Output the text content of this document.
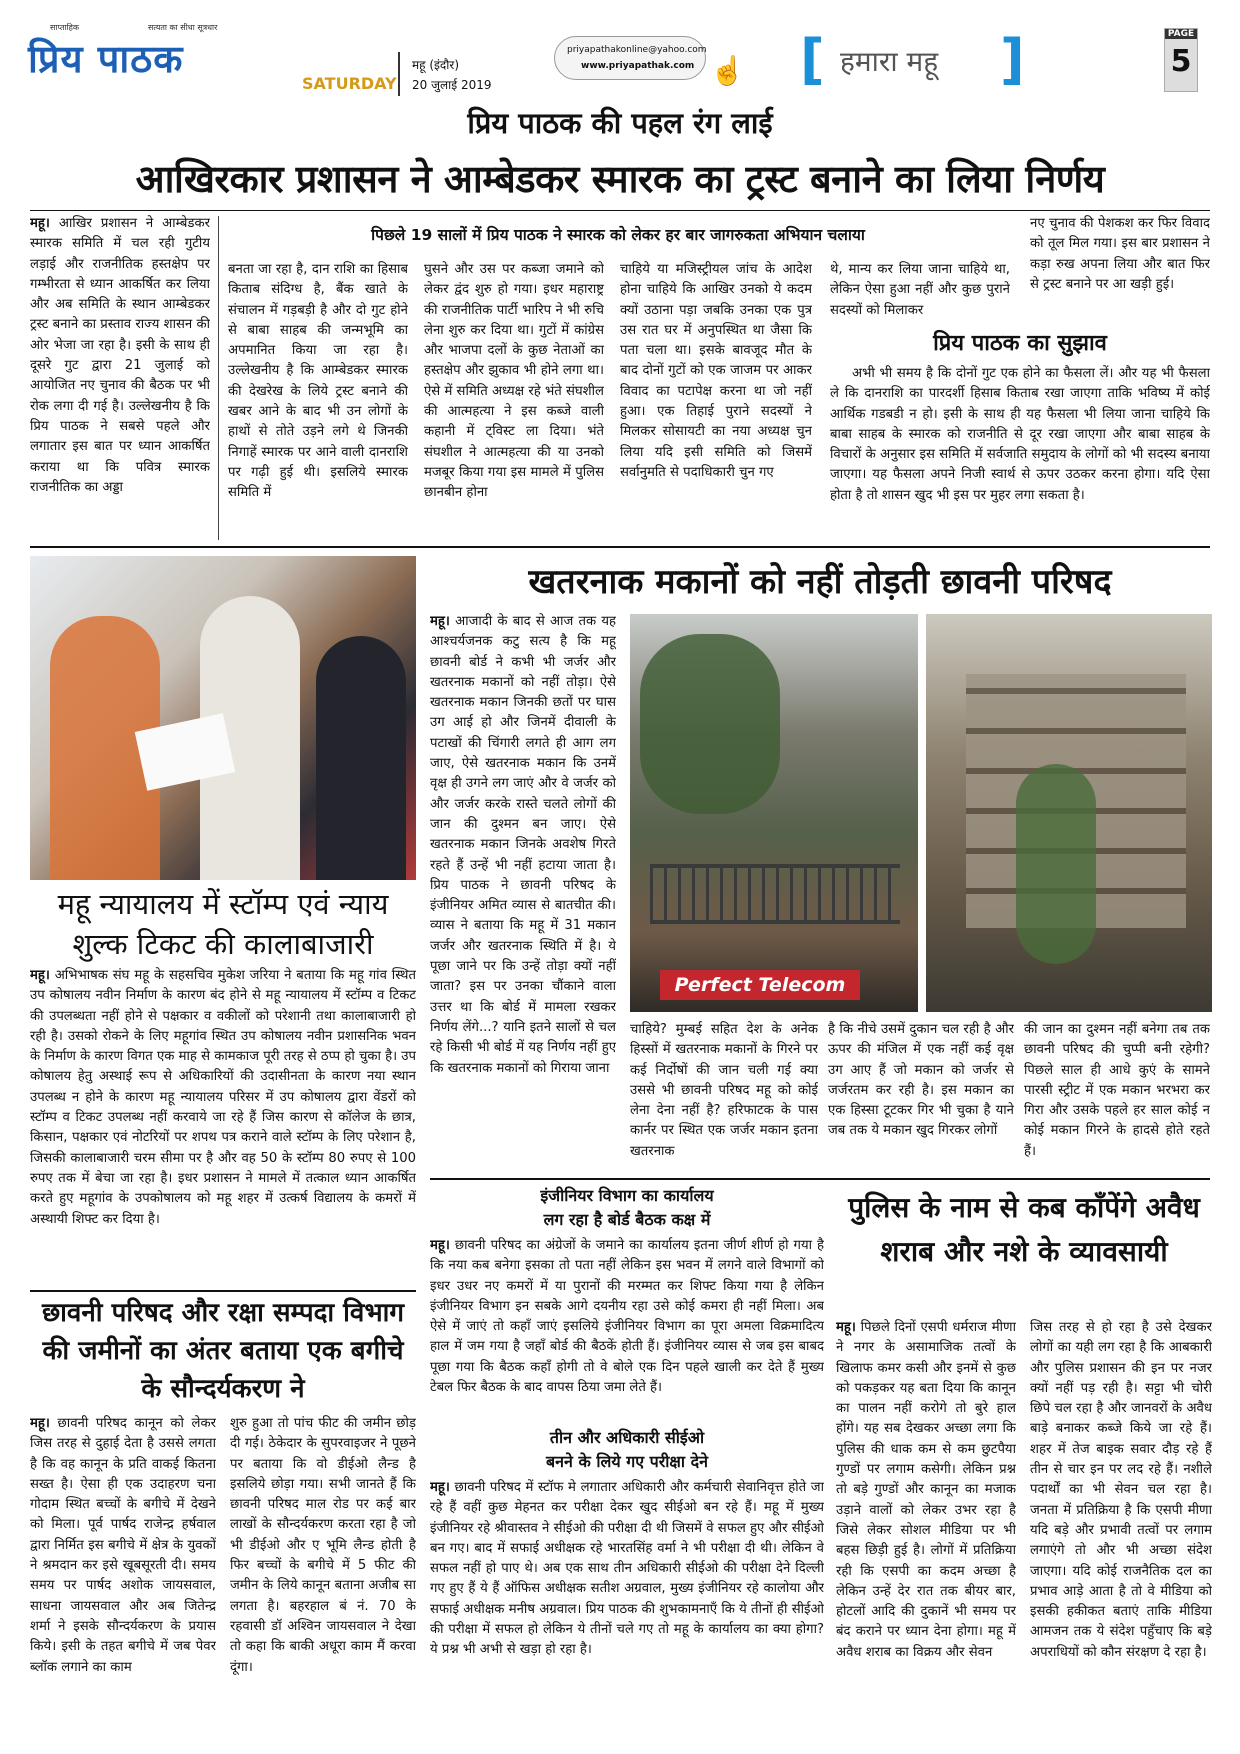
साप्ताहिक	सत्यता का सीधा सूत्रधार
प्रिय पाठक
SATURDAY
महू (इंदौर)
20 जुलाई 2019
priyapathakonline@yahoo.com
www.priyapathak.com ☝ [ हमारा महू ]	PAGE
5
प्रिय पाठक की पहल रंग लाई
आखिरकार प्रशासन ने आम्बेडकर स्मारक का ट्रस्ट बनाने का लिया निर्णय
महू। आखिर प्रशासन ने आम्बेडकर स्मारक समिति में चल रही गुटीय लड़ाई और राजनीतिक हस्तक्षेप पर गम्भीरता से ध्यान आकर्षित कर लिया और अब समिति के स्थान आम्बेडकर ट्रस्ट बनाने का प्रस्ताव राज्य शासन की ओर भेजा जा रहा है। इसी के साथ ही दूसरे गुट द्वारा 21 जुलाई को आयोजित नए चुनाव की बैठक पर भी रोक लगा दी गई है। उल्लेखनीय है कि प्रिय पाठक ने सबसे पहले और लगातार इस बात पर ध्यान आकर्षित कराया था कि पवित्र स्मारक राजनीतिक का अड्डा
पिछले 19 सालों में प्रिय पाठक ने स्मारक को लेकर हर बार जागरुकता अभियान चलाया
बनता जा रहा है, दान राशि का हिसाब किताब संदिग्ध है, बैंक खाते के संचालन में गड़बड़ी है और दो गुट होने से बाबा साहब की जन्मभूमि का अपमानित किया जा रहा है। उल्लेखनीय है कि आम्बेडकर स्मारक की देखरेख के लिये ट्रस्ट बनाने की खबर आने के बाद भी उन लोगों के हाथों से तोते उड़ने लगे थे जिनकी निगाहें स्मारक पर आने वाली दानराशि पर गढ़ी हुई थी। इसलिये स्मारक समिति में
घुसने और उस पर कब्जा जमाने को लेकर द्वंद शुरु हो गया। इधर महाराष्ट्र की राजनीतिक पार्टी भारिप ने भी रुचि लेना शुरु कर दिया था। गुटों में कांग्रेस और भाजपा दलों के कुछ नेताओं का हस्तक्षेप और झुकाव भी होने लगा था। ऐसे में समिति अध्यक्ष रहे भंते संघशील की आत्महत्या ने इस कब्जे वाली कहानी में ट्विस्ट ला दिया। भंते संघशील ने आत्महत्या की या उनको मजबूर किया गया इस मामले में पुलिस छानबीन होना
चाहिये या मजिस्ट्रीयल जांच के आदेश होना चाहिये कि आखिर उनको ये कदम क्यों उठाना पड़ा जबकि उनका एक पुत्र उस रात घर में अनुपस्थित था जैसा कि पता चला था। इसके बावजूद मौत के बाद दोनों गुटों को एक जाजम पर आकर विवाद का पटापेक्ष करना था जो नहीं हुआ। एक तिहाई पुराने सदस्यों ने मिलकर सोसायटी का नया अध्यक्ष चुन लिया यदि इसी समिति को जिसमें सर्वानुमति से पदाधिकारी चुन गए
थे, मान्य कर लिया जाना चाहिये था, लेकिन ऐसा हुआ नहीं और कुछ पुराने सदस्यों को मिलाकर
नए चुनाव की पेशकश कर फिर विवाद को तूल मिल गया। इस बार प्रशासन ने कड़ा रुख अपना लिया और बात फिर से ट्रस्ट बनाने पर आ खड़ी हुई।
प्रिय पाठक का सुझाव
अभी भी समय है कि दोनों गुट एक होने का फैसला लें। और यह भी फैसला ले कि दानराशि का पारदर्शी हिसाब किताब रखा जाएगा ताकि भविष्य में कोई आर्थिक गडबडी न हो। इसी के साथ ही यह फैसला भी लिया जाना चाहिये कि बाबा साहब के स्मारक को राजनीति से दूर रखा जाएगा और बाबा साहब के विचारों के अनुसार इस समिति में सर्वजाति समुदाय के लोगों को भी सदस्य बनाया जाएगा। यह फैसला अपने निजी स्वार्थ से ऊपर उठकर करना होगा। यदि ऐसा होता है तो शासन खुद भी इस पर मुहर लगा सकता है।
महू न्यायालय में स्टॉम्प एवं न्याय शुल्क टिकट की कालाबाजारी
महू। अभिभाषक संघ महू के सहसचिव मुकेश जरिया ने बताया कि महू गांव स्थित उप कोषालय नवीन निर्माण के कारण बंद होने से महू न्यायालय में स्टॉम्प व टिकट की उपलब्धता नहीं होने से पक्षकार व वकीलों को परेशानी तथा कालाबाजारी हो रही है। उसको रोकने के लिए महूगांव स्थित उप कोषालय नवीन प्रशासनिक भवन के निर्माण के कारण विगत एक माह से कामकाज पूरी तरह से ठप्प हो चुका है। उप कोषालय हेतु अस्थाई रूप से अधिकारियों की उदासीनता के कारण नया स्थान उपलब्ध न होने के कारण महू न्यायालय परिसर में उप कोषालय द्वारा वेंडरों को स्टॉम्प व टिकट उपलब्ध नहीं करवाये जा रहे हैं जिस कारण से कॉलेज के छात्र, किसान, पक्षकार एवं नोटरियों पर शपथ पत्र कराने वाले स्टॉम्प के लिए परेशान है, जिसकी कालाबाजारी चरम सीमा पर है और वह 50 के स्टॉम्प 80 रुपए से 100 रुपए तक में बेचा जा रहा है। इधर प्रशासन ने मामले में तत्काल ध्यान आकर्षित करते हुए महूगांव के उपकोषालय को महू शहर में उत्कर्ष विद्यालय के कमरों में अस्थायी शिफ्ट कर दिया है।
खतरनाक मकानों को नहीं तोड़ती छावनी परिषद
महू। आजादी के बाद से आज तक यह आश्चर्यजनक कटु सत्य है कि महू छावनी बोर्ड ने कभी भी जर्जर और खतरनाक मकानों को नहीं तोड़ा। ऐसे खतरनाक मकान जिनकी छतों पर घास उग आई हो और जिनमें दीवाली के पटाखों की चिंगारी लगते ही आग लग जाए, ऐसे खतरनाक मकान कि उनमें वृक्ष ही उगने लग जाएं और वे जर्जर को और जर्जर करके रास्ते चलते लोगों की जान की दुश्मन बन जाए। ऐसे खतरनाक मकान जिनके अवशेष गिरते रहते हैं उन्हें भी नहीं हटाया जाता है। प्रिय पाठक ने छावनी परिषद के इंजीनियर अमित व्यास से बातचीत की। व्यास ने बताया कि महू में 31 मकान जर्जर और खतरनाक स्थिति में है। ये पूछा जाने पर कि उन्हें तोड़ा क्यों नहीं जाता? इस पर उनका चौंकाने वाला उत्तर था कि बोर्ड में मामला रखकर निर्णय लेंगे...? यानि इतने सालों से चल रहे किसी भी बोर्ड में यह निर्णय नहीं हुए कि खतरनाक मकानों को गिराया जाना
Perfect Telecom
चाहिये? मुम्बई सहित देश के अनेक हिस्सों में खतरनाक मकानों के गिरने पर कई निर्दोषों की जान चली गई क्या उससे भी छावनी परिषद महू को कोई लेना देना नहीं है? हरिफाटक के पास कार्नर पर स्थित एक जर्जर मकान इतना खतरनाक
है कि नीचे उसमें दुकान चल रही है और ऊपर की मंजिल में एक नहीं कई वृक्ष उग आए हैं जो मकान को जर्जर से जर्जरतम कर रही है। इस मकान का एक हिस्सा टूटकर गिर भी चुका है याने जब तक ये मकान खुद गिरकर लोगों
की जान का दुश्मन नहीं बनेगा तब तक छावनी परिषद की चुप्पी बनी रहेगी? पिछले साल ही आधे कुएं के सामने पारसी स्ट्रीट में एक मकान भरभरा कर गिरा और उसके पहले हर साल कोई न कोई मकान गिरने के हादसे होते रहते हैं।
छावनी परिषद और रक्षा सम्पदा विभाग की जमीनों का अंतर बताया एक बगीचे के सौन्दर्यकरण ने
महू। छावनी परिषद कानून को लेकर जिस तरह से दुहाई देता है उससे लगता है कि वह कानून के प्रति वाकई कितना सख्त है। ऐसा ही एक उदाहरण चना गोदाम स्थित बच्चों के बगीचे में देखने को मिला। पूर्व पार्षद राजेन्द्र हर्षवाल द्वारा निर्मित इस बगीचे में क्षेत्र के युवकों ने श्रमदान कर इसे खूबसूरती दी। समय समय पर पार्षद अशोक जायसवाल, साधना जायसवाल और अब जितेन्द्र शर्मा ने इसके सौन्दर्यकरण के प्रयास किये। इसी के तहत बगीचे में जब पेवर ब्लॉक लगाने का काम
शुरु हुआ तो पांच फीट की जमीन छोड़ दी गई। ठेकेदार के सुपरवाइजर ने पूछने पर बताया कि वो डीईओ लैन्ड है इसलिये छोड़ा गया। सभी जानते हैं कि छावनी परिषद माल रोड पर कई बार लाखों के सौन्दर्यकरण करता रहा है जो भी डीईओ और ए भूमि लैन्ड होती है फिर बच्चों के बगीचे में 5 फीट की जमीन के लिये कानून बताना अजीब सा लगता है। बहरहाल बं नं. 70 के रहवासी डॉ अश्विन जायसवाल ने देखा तो कहा कि बाकी अधूरा काम मैं करवा दूंगा।
इंजीनियर विभाग का कार्यालय
लग रहा है बोर्ड बैठक कक्ष में
महू। छावनी परिषद का अंग्रेजों के जमाने का कार्यालय इतना जीर्ण शीर्ण हो गया है कि नया कब बनेगा इसका तो पता नहीं लेकिन इस भवन में लगने वाले विभागों को इधर उधर नए कमरों में या पुरानों की मरम्मत कर शिफ्ट किया गया है लेकिन इंजीनियर विभाग इन सबके आगे दयनीय रहा उसे कोई कमरा ही नहीं मिला। अब ऐसे में जाएं तो कहाँ जाएं इसलिये इंजीनियर विभाग का पूरा अमला विक्रमादित्य हाल में जम गया है जहाँ बोर्ड की बैठकें होती हैं। इंजीनियर व्यास से जब इस बाबद पूछा गया कि बैठक कहाँ होगी तो वे बोले एक दिन पहले खाली कर देते हैं मुख्य टेबल फिर बैठक के बाद वापस ठिया जमा लेते हैं।
तीन और अधिकारी सीईओ
बनने के लिये गए परीक्षा देने
महू। छावनी परिषद में स्टॉफ मे लगातार अधिकारी और कर्मचारी सेवानिवृत्त होते जा रहे हैं वहीं कुछ मेहनत कर परीक्षा देकर खुद सीईओ बन रहे हैं। महू में मुख्य इंजीनियर रहे श्रीवास्तव ने सीईओ की परीक्षा दी थी जिसमें वे सफल हुए और सीईओ बन गए। बाद में सफाई अधीक्षक रहे भारतसिंह वर्मा ने भी परीक्षा दी थी। लेकिन वे सफल नहीं हो पाए थे। अब एक साथ तीन अधिकारी सीईओ की परीक्षा देने दिल्ली गए हुए हैं ये हैं ऑफिस अधीक्षक सतीश अग्रवाल, मुख्य इंजीनियर रहे कालोया और सफाई अधीक्षक मनीष अग्रवाल। प्रिय पाठक की शुभकामनाएँ कि ये तीनों ही सीईओ की परीक्षा में सफल हो लेकिन ये तीनों चले गए तो महू के कार्यालय का क्या होगा? ये प्रश्न भी अभी से खड़ा हो रहा है।
पुलिस के नाम से कब काँपेंगे अवैध शराब और नशे के व्यावसायी
महू। पिछले दिनों एसपी धर्मराज मीणा ने नगर के असामाजिक तत्वों के खिलाफ कमर कसी और इनमें से कुछ को पकड़कर यह बता दिया कि कानून का पालन नहीं करोगे तो बुरे हाल होंगे। यह सब देखकर अच्छा लगा कि पुलिस की धाक कम से कम छुटपैया गुण्डों पर लगाम कसेगी। लेकिन प्रश्न तो बड़े गुण्डों और कानून का मजाक उड़ाने वालों को लेकर उभर रहा है जिसे लेकर सोशल मीडिया पर भी बहस छिड़ी हुई है। लोगों में प्रतिक्रिया रही कि एसपी का कदम अच्छा है लेकिन उन्हें देर रात तक बीयर बार, होटलों आदि की दुकानें भी समय पर बंद कराने पर ध्यान देना होगा। महू में अवैध शराब का विक्रय और सेवन
जिस तरह से हो रहा है उसे देखकर लोगों का यही लग रहा है कि आबकारी और पुलिस प्रशासन की इन पर नजर क्यों नहीं पड़ रही है। सट्टा भी चोरी छिपे चल रहा है और जानवरों के अवैध बाड़े बनाकर कब्जे किये जा रहे हैं। शहर में तेज बाइक सवार दौड़ रहे हैं तीन से चार इन पर लद रहे हैं। नशीले पदार्थों का भी सेवन चल रहा है। जनता में प्रतिक्रिया है कि एसपी मीणा यदि बड़े और प्रभावी तत्वों पर लगाम लगाएंगे तो और भी अच्छा संदेश जाएगा। यदि कोई राजनैतिक दल का प्रभाव आड़े आता है तो वे मीडिया को इसकी हकीकत बताएं ताकि मीडिया आमजन तक ये संदेश पहुँचाए कि बड़े अपराधियों को कौन संरक्षण दे रहा है।
